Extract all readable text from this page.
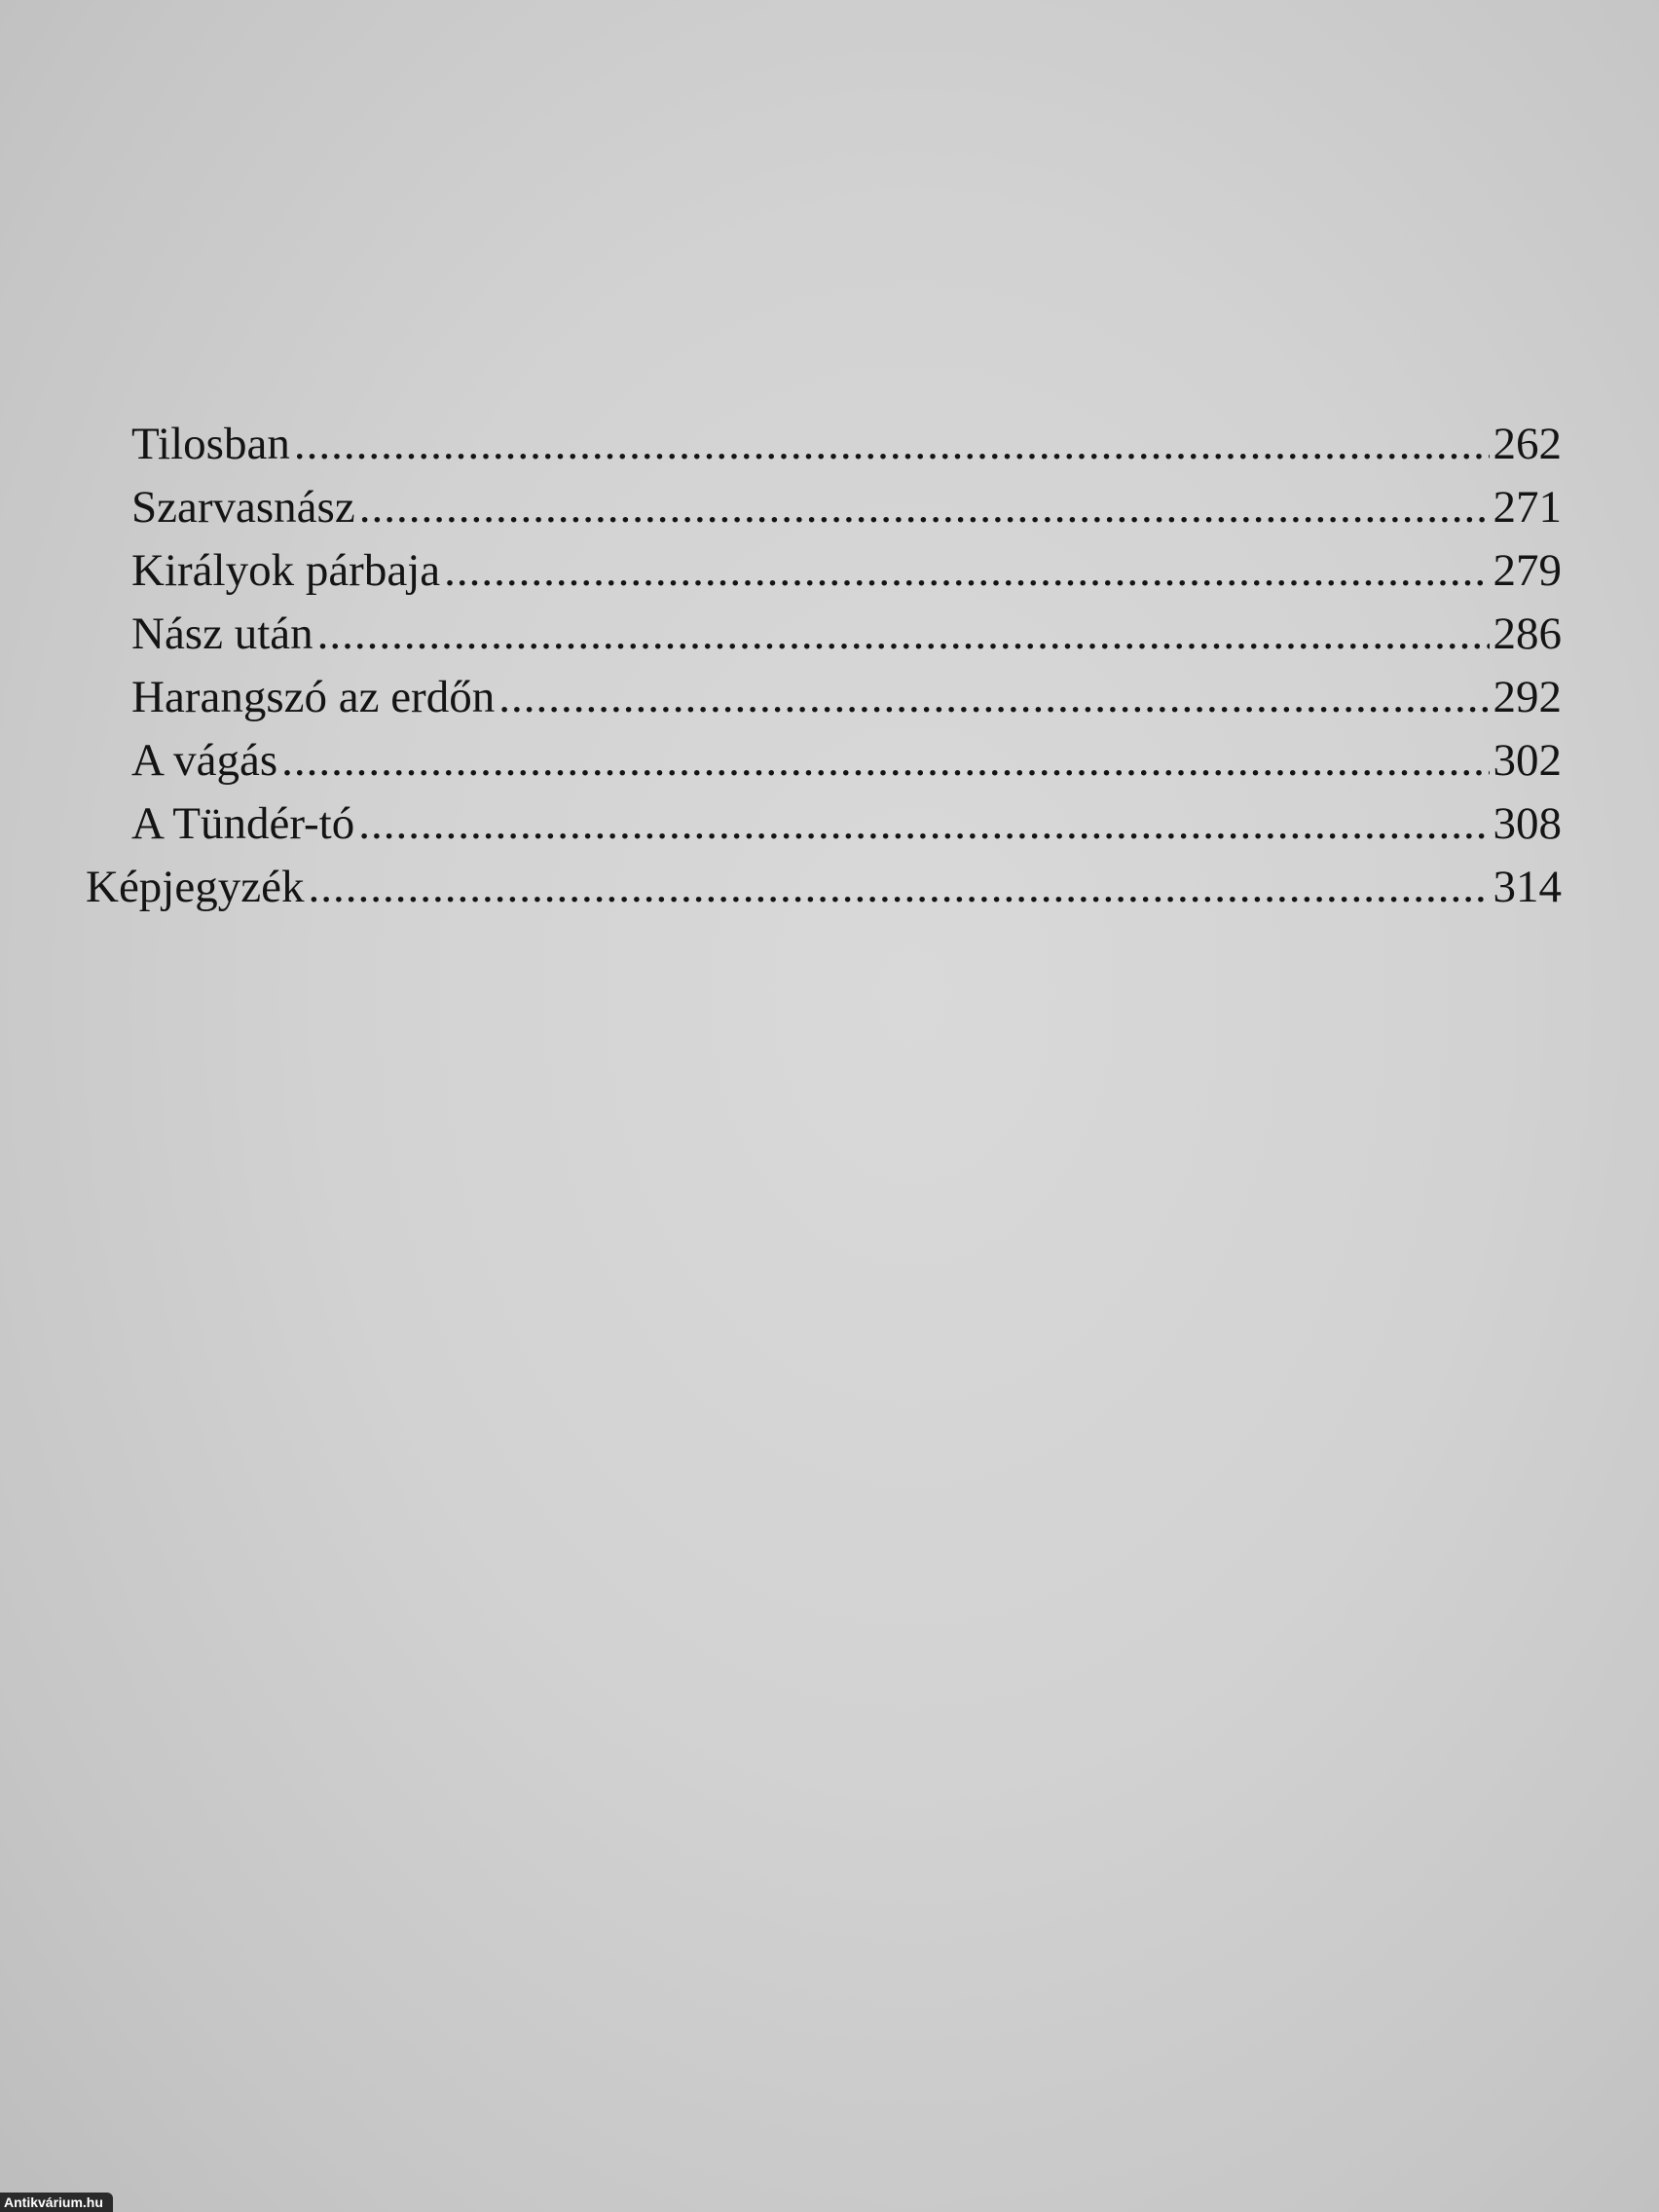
Tilosban .....	262
Szarvasnász .....	271
Királyok párbaja .....	279
Nász után .....	286
Harangszó az erdőn .....	292
A vágás .....	302
A Tündér-tó .....	308
Képjegyzék .....	314
Antikvárium.hu
